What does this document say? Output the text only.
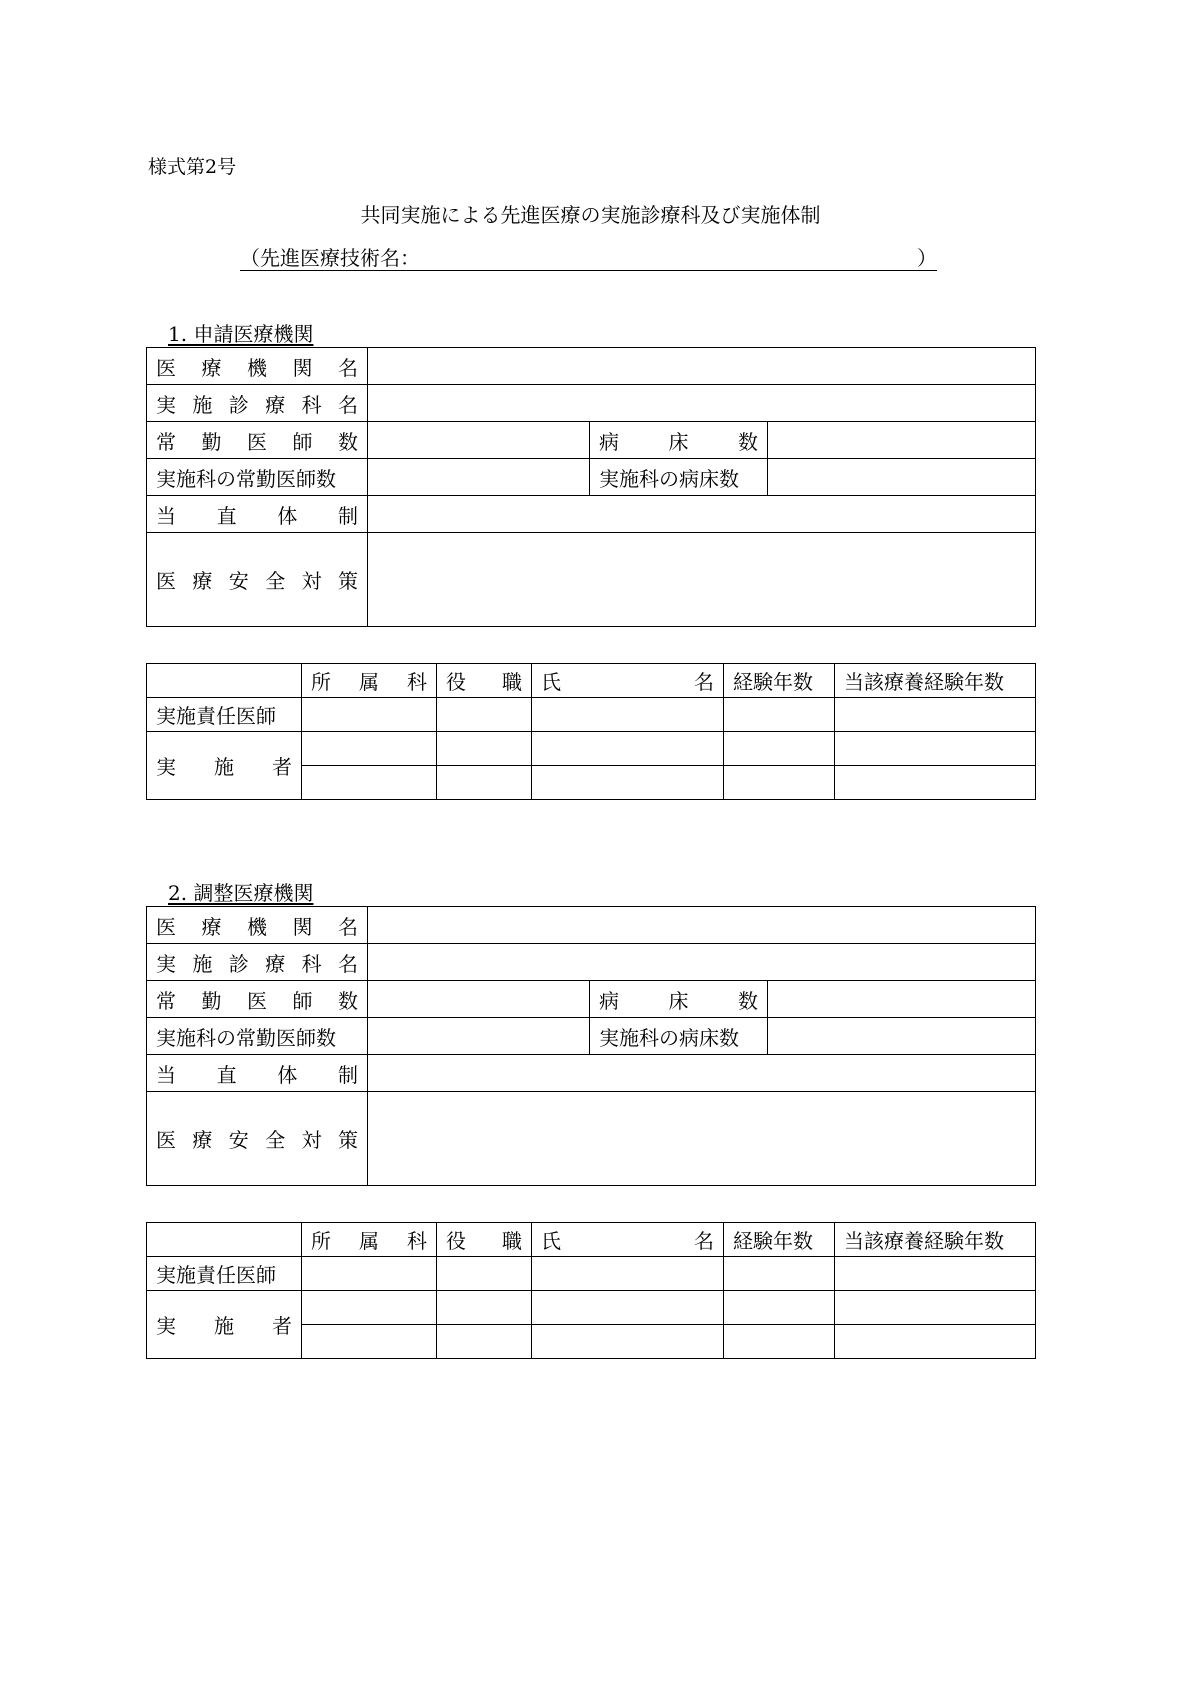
様式第2号
共同実施による先進医療の実施診療科及び実施体制
（先進医療技術名：	）
1. 申請医療機関
医療機関名			
実施診療科名			
常勤医師数		病床数	
実施科の常勤医師数		実施科の病床数	
当直体制			
医療安全対策			
	所属科	役職	氏 名	経験年数	当該療養経験年数
実施責任医師					
実施者					

2. 調整医療機関
医療機関名			
実施診療科名			
常勤医師数		病床数	
実施科の常勤医師数		実施科の病床数	
当直体制			
医療安全対策			
	所属科	役職	氏 名	経験年数	当該療養経験年数
実施責任医師					
実施者					
